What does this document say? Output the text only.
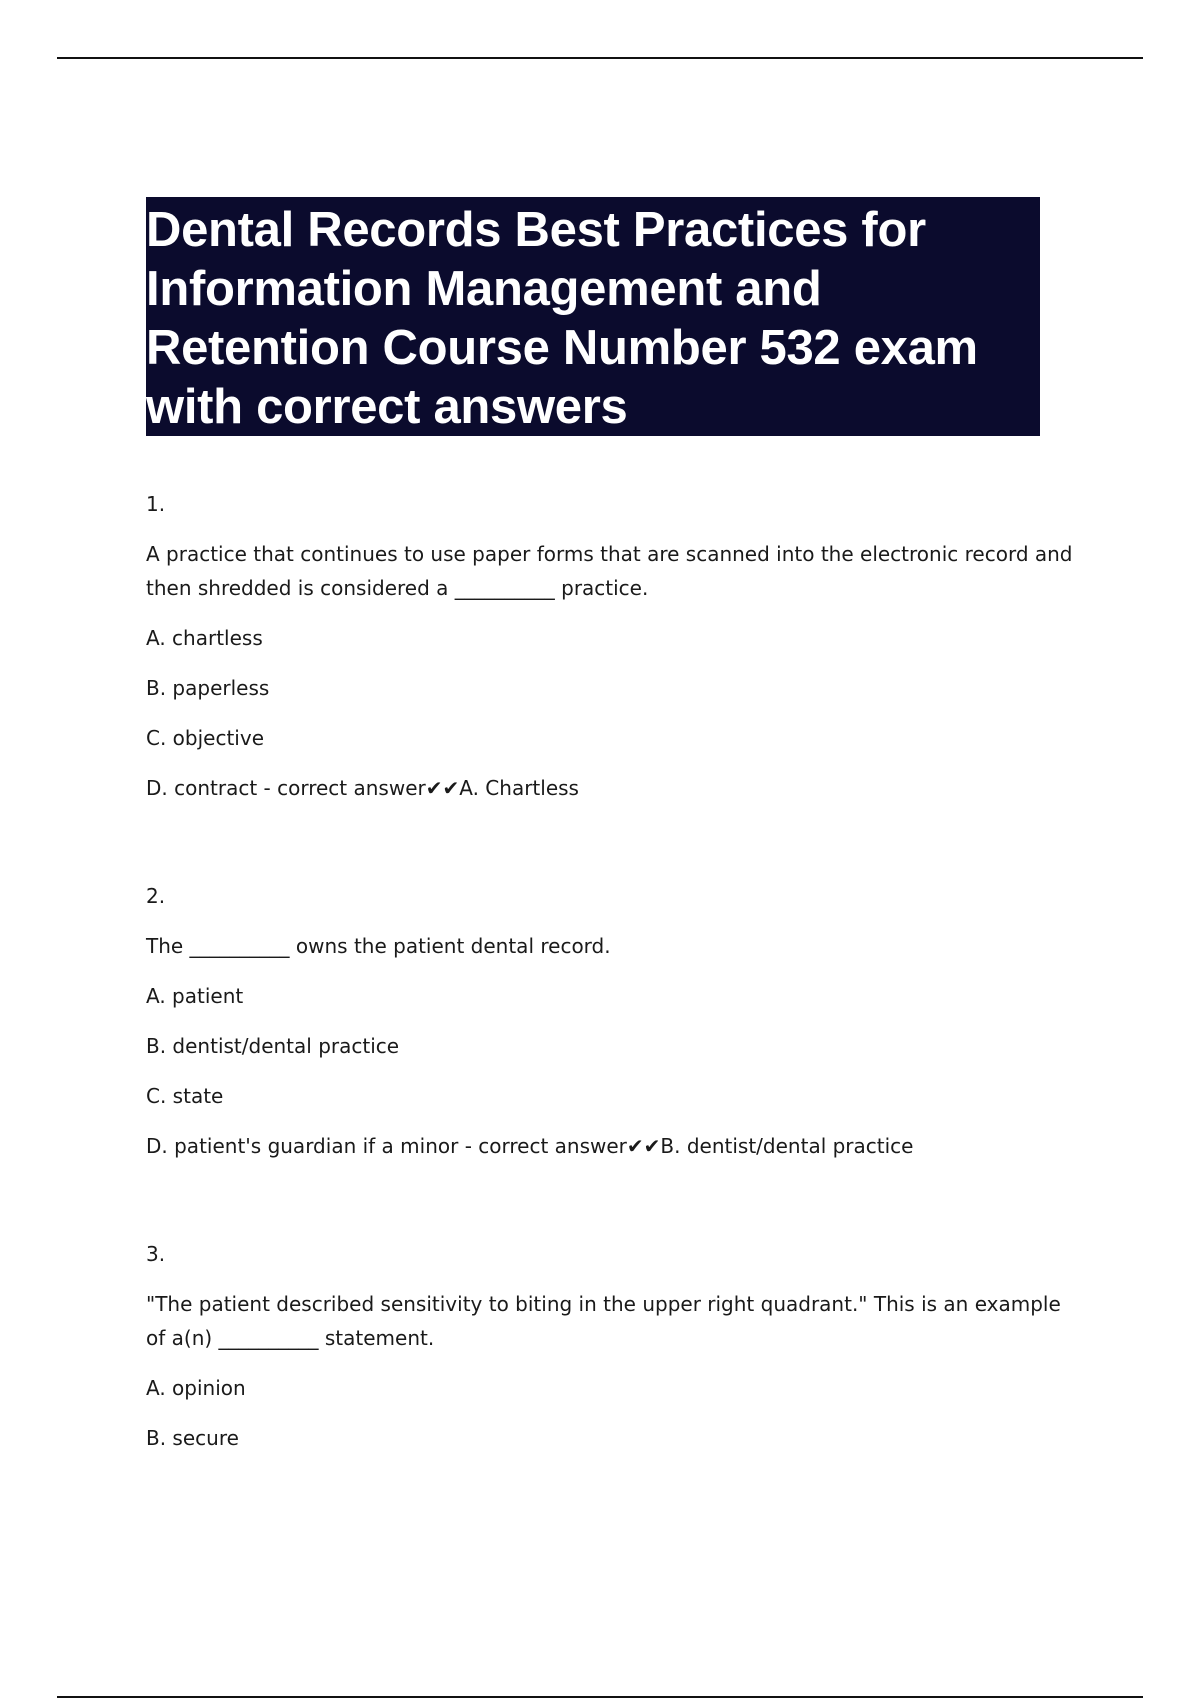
Dental Records Best Practices for Information Management and Retention Course Number 532 exam with correct answers

1.

A practice that continues to use paper forms that are scanned into the electronic record and then shredded is considered a __________ practice.

A. chartless

B. paperless

C. objective

D. contract - correct answer✔✔A. Chartless

2.

The __________ owns the patient dental record.

A. patient

B. dentist/dental practice

C. state

D. patient's guardian if a minor - correct answer✔✔B. dentist/dental practice

3.

"The patient described sensitivity to biting in the upper right quadrant." This is an example of a(n) __________ statement.

A. opinion

B. secure
